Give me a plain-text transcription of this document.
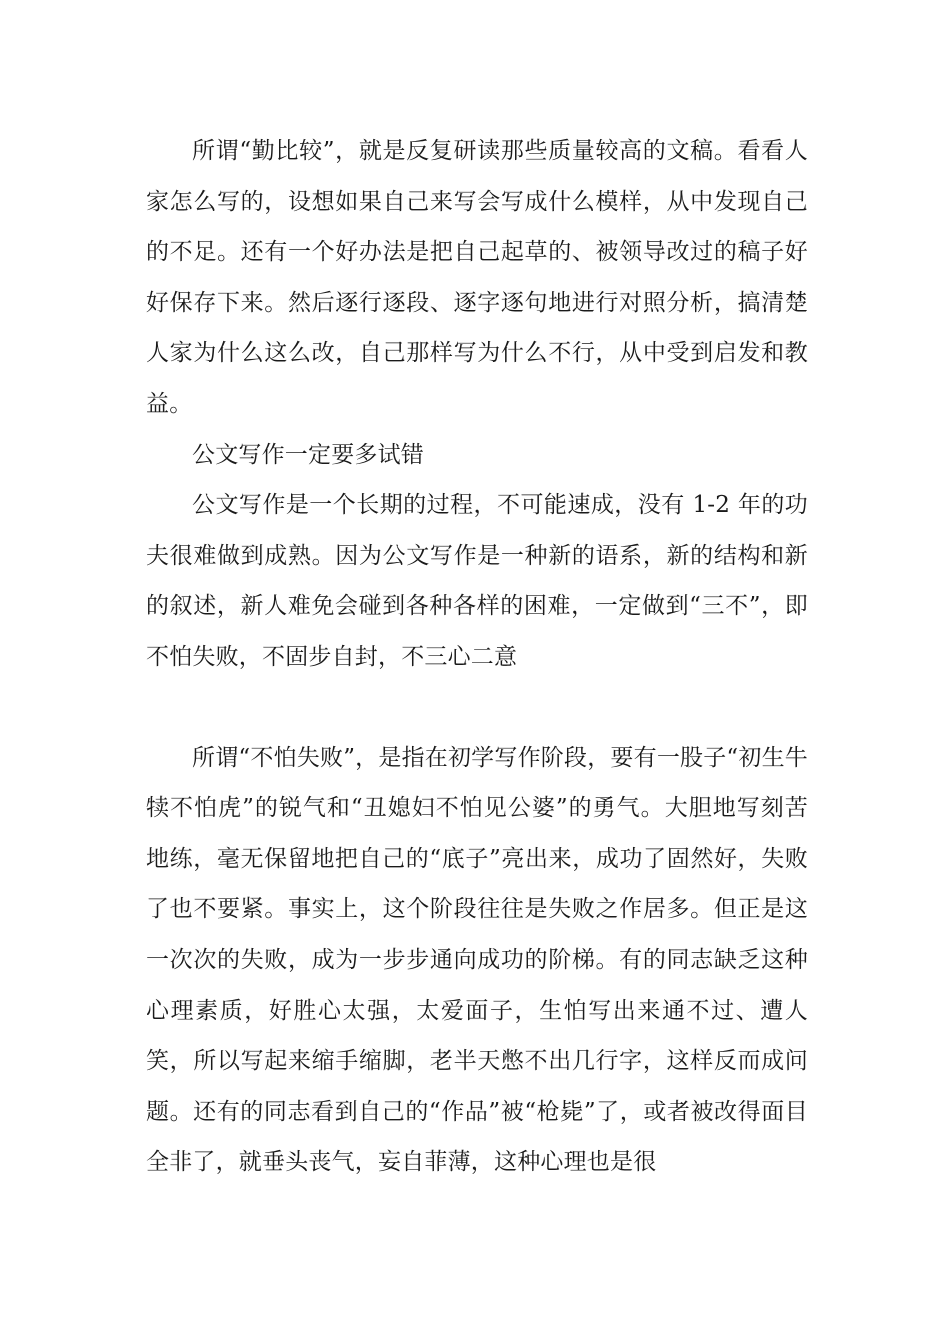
所谓“勤比较”，就是反复研读那些质量较高的文稿。看看人家怎么写的，设想如果自己来写会写成什么模样，从中发现自己的不足。还有一个好办法是把自己起草的、被领导改过的稿子好好保存下来。然后逐行逐段、逐字逐句地进行对照分析，搞清楚人家为什么这么改，自己那样写为什么不行，从中受到启发和教益。

公文写作一定要多试错

公文写作是一个长期的过程，不可能速成，没有 1-2 年的功夫很难做到成熟。因为公文写作是一种新的语系，新的结构和新的叙述，新人难免会碰到各种各样的困难，一定做到“三不”，即不怕失败，不固步自封，不三心二意

所谓“不怕失败”，是指在初学写作阶段，要有一股子“初生牛犊不怕虎”的锐气和“丑媳妇不怕见公婆”的勇气。大胆地写刻苦地练，毫无保留地把自己的“底子”亮出来，成功了固然好，失败了也不要紧。事实上，这个阶段往往是失败之作居多。但正是这一次次的失败，成为一步步通向成功的阶梯。有的同志缺乏这种心理素质，好胜心太强，太爱面子，生怕写出来通不过、遭人笑，所以写起来缩手缩脚，老半天憋不出几行字，这样反而成问题。还有的同志看到自己的“作品”被“枪毙”了，或者被改得面目全非了，就垂头丧气，妄自菲薄，这种心理也是很
